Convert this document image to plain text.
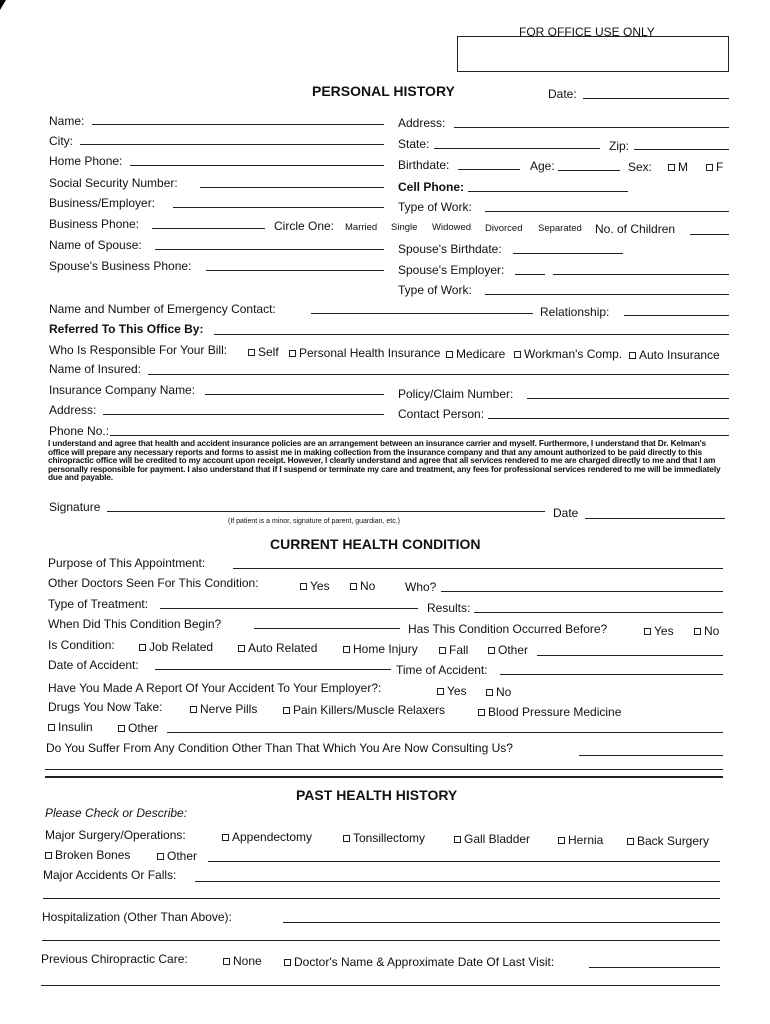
FOR OFFICE USE ONLY
PERSONAL HISTORY	Date:
Name:	Address:
City:	State:	Zip:
Home Phone:	Birthdate:	Age:	Sex:	M	F
Social Security Number:	Cell Phone:
Business/Employer:	Type of Work:
Business Phone:	Circle One: Married Single Widowed Divorced Separated No. of Children
Name of Spouse:	Spouse's Birthdate:
Spouse's Business Phone:	Spouse's Employer:
Type of Work:
Name and Number of Emergency Contact:	Relationship:
Referred To This Office By:
Who Is Responsible For Your Bill:	Self	Personal Health Insurance	Medicare	Workman's Comp.	Auto Insurance
Name of Insured:
Insurance Company Name:	Policy/Claim Number:
Address:	Contact Person:
Phone No.:
I understand and agree that health and accident insurance policies are an arrangement between an insurance carrier and myself. Furthermore, I understand that Dr. Kelman's office will prepare any necessary reports and forms to assist me in making collection from the insurance company and that any amount authorized to be paid directly to this chiropractic office will be credited to my account upon receipt. However, I clearly understand and agree that all services rendered to me are charged directly to me and that I am personally responsible for payment. I also understand that if I suspend or terminate my care and treatment, any fees for professional services rendered to me will be immediately due and payable.
Signature
(If patient is a minor, signature of parent, guardian, etc.)
Date
CURRENT HEALTH CONDITION
Purpose of This Appointment:
Other Doctors Seen For This Condition:	Yes	No Who?
Type of Treatment:	Results:
When Did This Condition Begin?	Has This Condition Occurred Before?	Yes	No
Is Condition:	Job Related	Auto Related	Home Injury	Fall	Other
Date of Accident:	Time of Accident:
Have You Made A Report Of Your Accident To Your Employer?:	Yes	No
Drugs You Now Take:	Nerve Pills	Pain Killers/Muscle Relaxers	Blood Pressure Medicine
Insulin	Other
Do You Suffer From Any Condition Other Than That Which You Are Now Consulting Us?
PAST HEALTH HISTORY
Please Check or Describe:
Major Surgery/Operations:	Appendectomy	Tonsillectomy	Gall Bladder	Hernia	Back Surgery
Broken Bones	Other
Major Accidents Or Falls:
Hospitalization (Other Than Above):
Previous Chiropractic Care:	None	Doctor's Name & Approximate Date Of Last Visit:
